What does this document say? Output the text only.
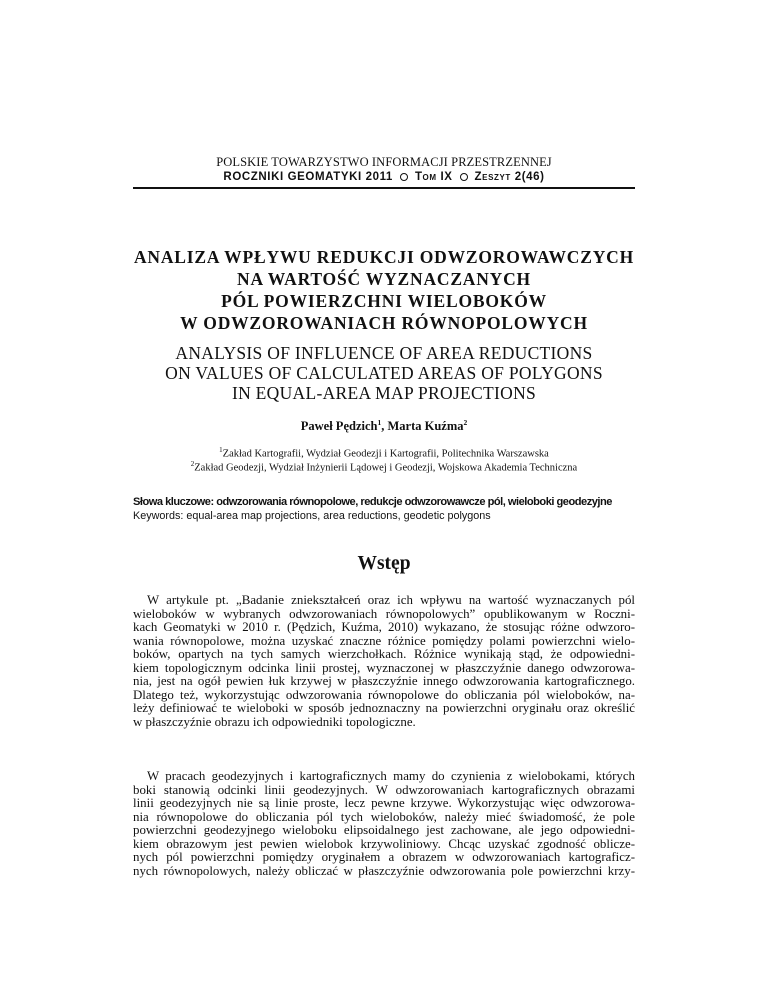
POLSKIE TOWARZYSTWO INFORMACJI PRZESTRZENNEJ
ROCZNIKI GEOMATYKI 2011 Tom IX Zeszyt 2(46)
ANALIZA WPŁYWU REDUKCJI ODWZOROWAWCZYCH
NA WARTOŚĆ WYZNACZANYCH
PÓL POWIERZCHNI WIELOBOKÓW
W ODWZOROWANIACH RÓWNOPOLOWYCH
ANALYSIS OF INFLUENCE OF AREA REDUCTIONS
ON VALUES OF CALCULATED AREAS OF POLYGONS
IN EQUAL-AREA MAP PROJECTIONS
Paweł Pędzich$^1$, Marta Kuźma$^2$
$^1$Zakład Kartografii, Wydział Geodezji i Kartografii, Politechnika Warszawska
$^2$Zakład Geodezji, Wydział Inżynierii Lądowej i Geodezji, Wojskowa Akademia Techniczna
Słowa kluczowe: odwzorowania równopolowe, redukcje odwzorowawcze pól, wieloboki geodezyjne
Keywords: equal-area map projections, area reductions, geodetic polygons
Wstęp
W artykule pt. „Badanie zniekształceń oraz ich wpływu na wartość wyznaczanych pól
wieloboków w wybranych odwzorowaniach równopolowych” opublikowanym w Roczni-
kach Geomatyki w 2010 r. (Pędzich, Kuźma, 2010) wykazano, że stosując różne odwzoro-
wania równopolowe, można uzyskać znaczne różnice pomiędzy polami powierzchni wielo-
boków, opartych na tych samych wierzchołkach. Różnice wynikają stąd, że odpowiedni-
kiem topologicznym odcinka linii prostej, wyznaczonej w płaszczyźnie danego odwzorowa-
nia, jest na ogół pewien łuk krzywej w płaszczyźnie innego odwzorowania kartograficznego.
Dlatego też, wykorzystując odwzorowania równopolowe do obliczania pól wieloboków, na-
leży definiować te wieloboki w sposób jednoznaczny na powierzchni oryginału oraz określić
w płaszczyźnie obrazu ich odpowiedniki topologiczne.
W pracach geodezyjnych i kartograficznych mamy do czynienia z wielobokami, których
boki stanowią odcinki linii geodezyjnych. W odwzorowaniach kartograficznych obrazami
linii geodezyjnych nie są linie proste, lecz pewne krzywe. Wykorzystując więc odwzorowa-
nia równopolowe do obliczania pól tych wieloboków, należy mieć świadomość, że pole
powierzchni geodezyjnego wieloboku elipsoidalnego jest zachowane, ale jego odpowiedni-
kiem obrazowym jest pewien wielobok krzywoliniowy. Chcąc uzyskać zgodność oblicze-
nych pól powierzchni pomiędzy oryginałem a obrazem w odwzorowaniach kartograficz-
nych równopolowych, należy obliczać w płaszczyźnie odwzorowania pole powierzchni krzy-
